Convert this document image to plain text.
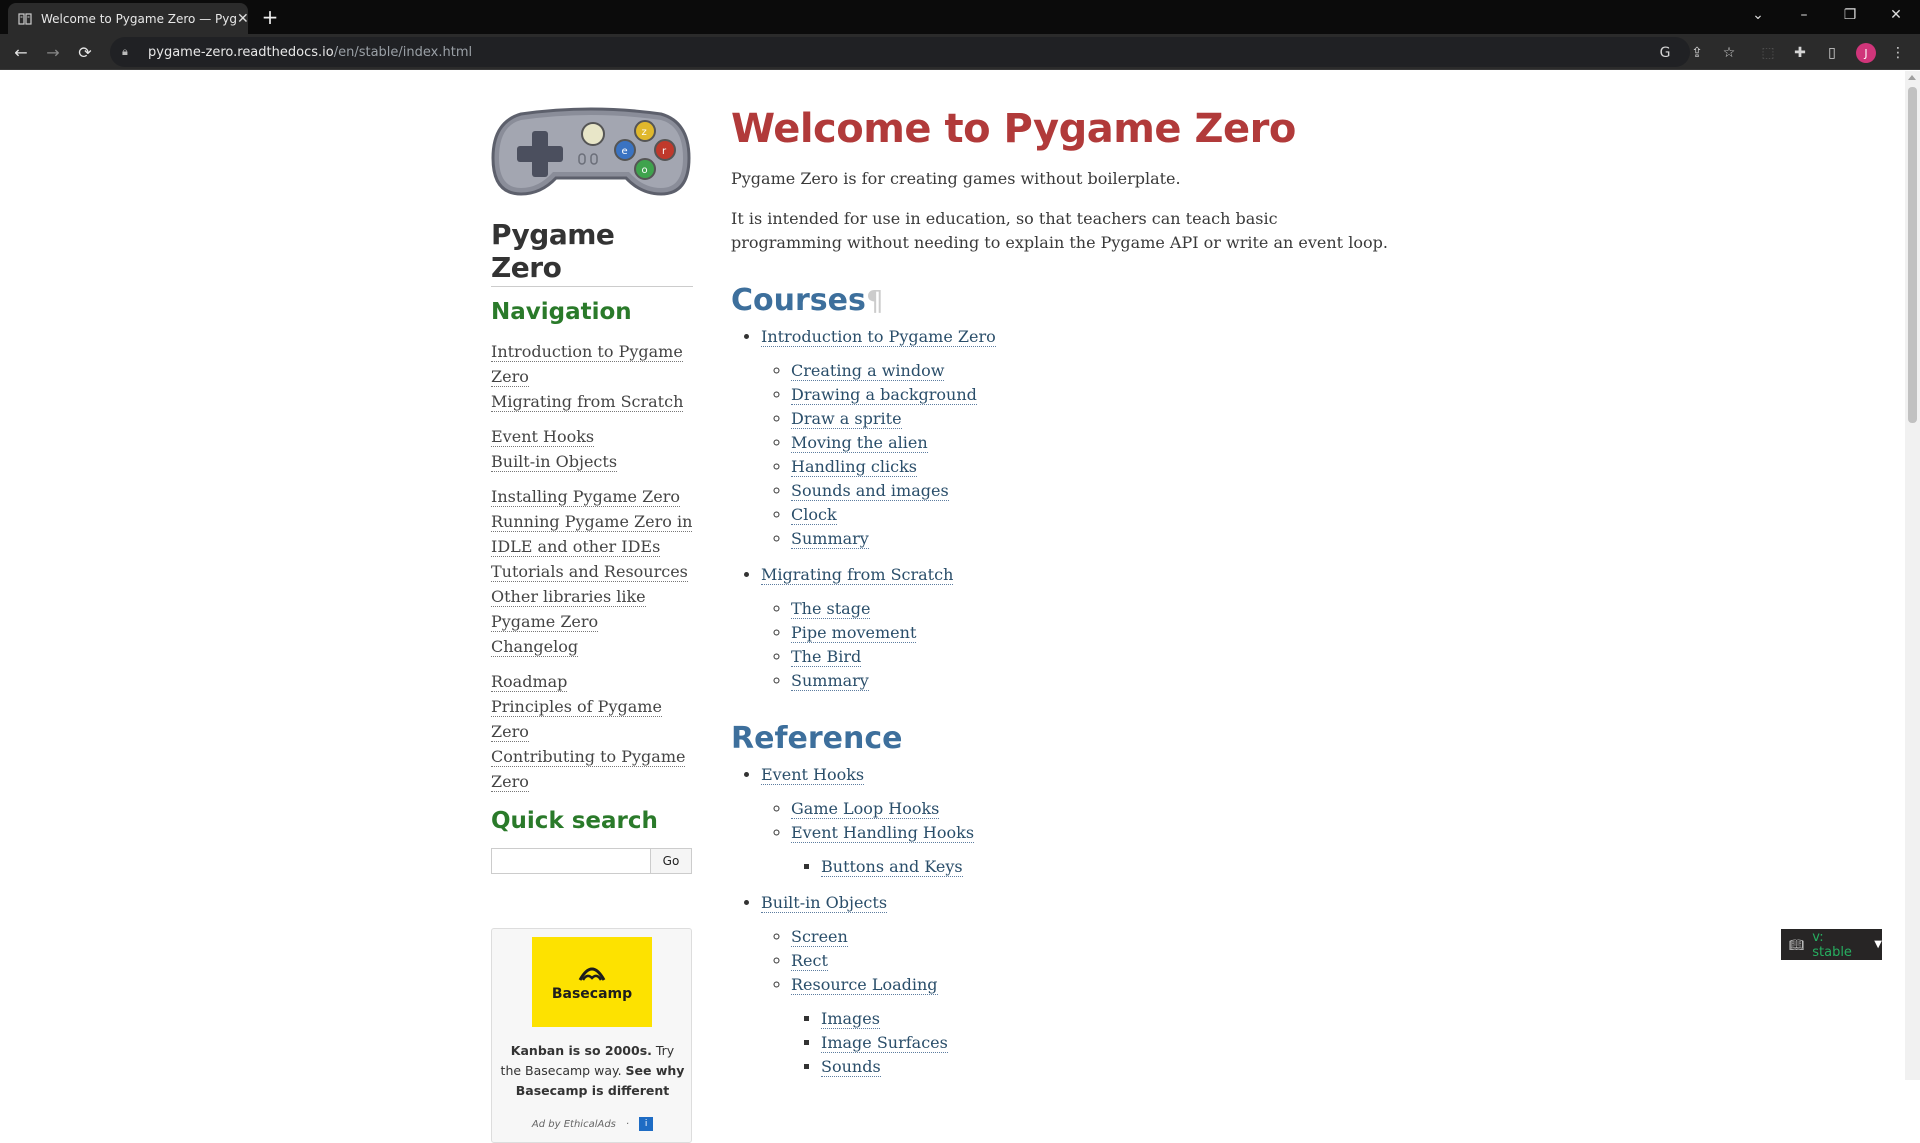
Welcome to Pygame Zero — Pyg ✕ +	⌄	–	❐	✕
←	→	⟳	🔒︎	pygame-zero.readthedocs.io /en/stable/index.html	G	⇪ ☆ ⬚ ✚	▯	J	⋮
z
e	r
o
Pygame Zero
Navigation
Introduction to Pygame Zero
Migrating from Scratch
Event Hooks
Built-in Objects
Installing Pygame Zero
Running Pygame Zero in IDLE and other IDEs
Tutorials and Resources
Other libraries like Pygame Zero
Changelog
Roadmap
Principles of Pygame Zero
Contributing to Pygame Zero
Quick search
Go
Basecamp
Kanban is so 2000s. Try the Basecamp way. See why Basecamp is different
Ad by EthicalAds ·	i
Welcome to Pygame Zero

Pygame Zero is for creating games without boilerplate.

It is intended for use in education, so that teachers can teach basic programming without needing to explain the Pygame API or write an event loop.

Courses¶
• Introduction to Pygame Zero
◦ Creating a window
◦ Drawing a background
◦ Draw a sprite
◦ Moving the alien
◦ Handling clicks
◦ Sounds and images
◦ Clock
◦ Summary
• Migrating from Scratch
◦ The stage
◦ Pipe movement
◦ The Bird
◦ Summary
Reference
• Event Hooks
◦ Game Loop Hooks
◦ Event Handling Hooks
▪ Buttons and Keys
• Built-in Objects
◦ Screen
◦ Rect
◦ Resource Loading
▪ Images
▪ Image Surfaces
▪ Sounds
📖︎ v: stable	▼
